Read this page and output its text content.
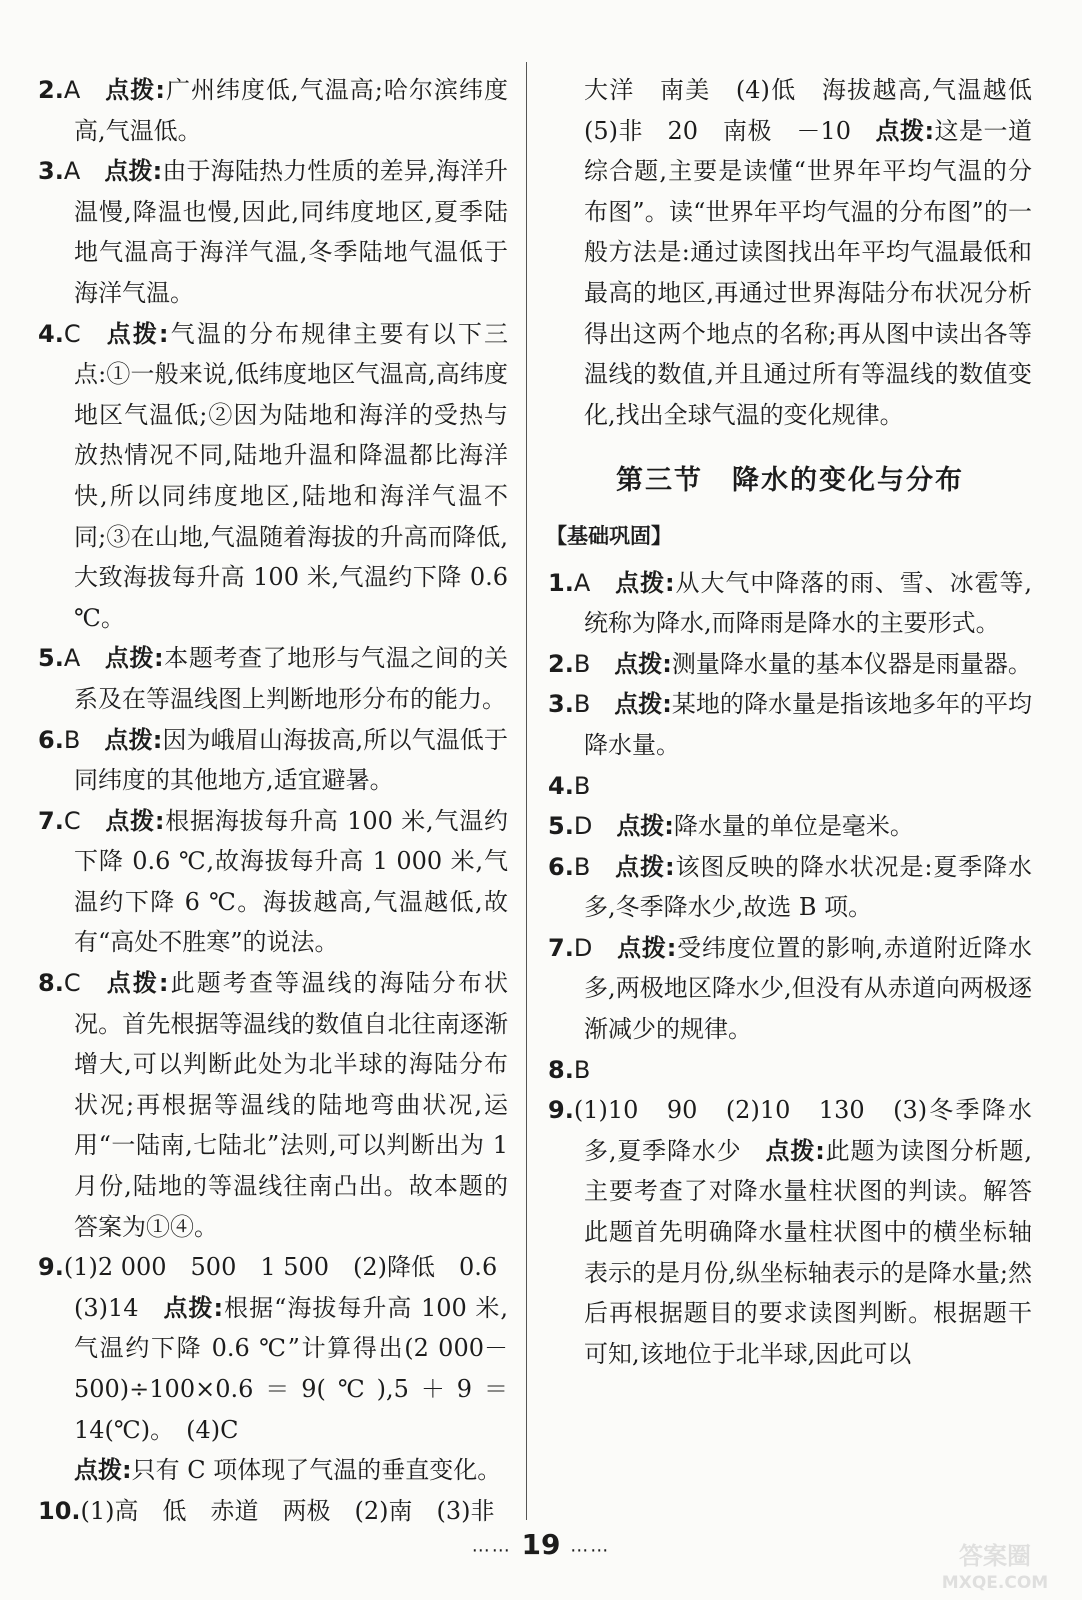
2.A 点拨:广州纬度低,气温高;哈尔滨纬度高,气温低。

3.A 点拨:由于海陆热力性质的差异,海洋升温慢,降温也慢,因此,同纬度地区,夏季陆地气温高于海洋气温,冬季陆地气温低于海洋气温。

4.C 点拨:气温的分布规律主要有以下三点:①一般来说,低纬度地区气温高,高纬度地区气温低;②因为陆地和海洋的受热与放热情况不同,陆地升温和降温都比海洋快,所以同纬度地区,陆地和海洋气温不同;③在山地,气温随着海拔的升高而降低,大致海拔每升高 100 米,气温约下降 0.6 ℃。

5.A 点拨:本题考查了地形与气温之间的关系及在等温线图上判断地形分布的能力。

6.B 点拨:因为峨眉山海拔高,所以气温低于同纬度的其他地方,适宜避暑。

7.C 点拨:根据海拔每升高 100 米,气温约下降 0.6 ℃,故海拔每升高 1 000 米,气温约下降 6 ℃。海拔越高,气温越低,故有“高处不胜寒”的说法。

8.C 点拨:此题考查等温线的海陆分布状况。首先根据等温线的数值自北往南逐渐增大,可以判断此处为北半球的海陆分布状况;再根据等温线的陆地弯曲状况,运用“一陆南,七陆北”法则,可以判断出为 1 月份,陆地的等温线往南凸出。故本题的答案为①④。

9.(1)2 000　500　1 500　(2)降低　0.6
(3)14 点拨:根据“海拔每升高 100 米,气温约下降 0.6 ℃”计算得出(2 000－500)÷100×0.6＝9(℃),5＋9＝14(℃)。　(4)C
点拨:只有 C 项体现了气温的垂直变化。

10.(1)高　低　赤道　两极　(2)南　(3)非

大洋　南美　(4)低　海拔越高,气温越低　(5)非　20　南极　－10 点拨:这是一道综合题,主要是读懂“世界年平均气温的分布图”。读“世界年平均气温的分布图”的一般方法是:通过读图找出年平均气温最低和最高的地区,再通过世界海陆分布状况分析得出这两个地点的名称;再从图中读出各等温线的数值,并且通过所有等温线的数值变化,找出全球气温的变化规律。

第三节　降水的变化与分布
【基础巩固】

1.A 点拨:从大气中降落的雨、雪、冰雹等,统称为降水,而降雨是降水的主要形式。

2.B 点拨:测量降水量的基本仪器是雨量器。

3.B 点拨:某地的降水量是指该地多年的平均降水量。

4.B

5.D 点拨:降水量的单位是毫米。

6.B 点拨:该图反映的降水状况是:夏季降水多,冬季降水少,故选 B 项。

7.D 点拨:受纬度位置的影响,赤道附近降水多,两极地区降水少,但没有从赤道向两极逐渐减少的规律。

8.B

9.(1)10　90　(2)10　130　(3)冬季降水多,夏季降水少 点拨:此题为读图分析题,主要考查了对降水量柱状图的判读。解答此题首先明确降水量柱状图中的横坐标轴表示的是月份,纵坐标轴表示的是降水量;然后再根据题目的要求读图判断。根据题干可知,该地位于北半球,因此可以

…… 19 ……	答案圈
MXQE.COM
